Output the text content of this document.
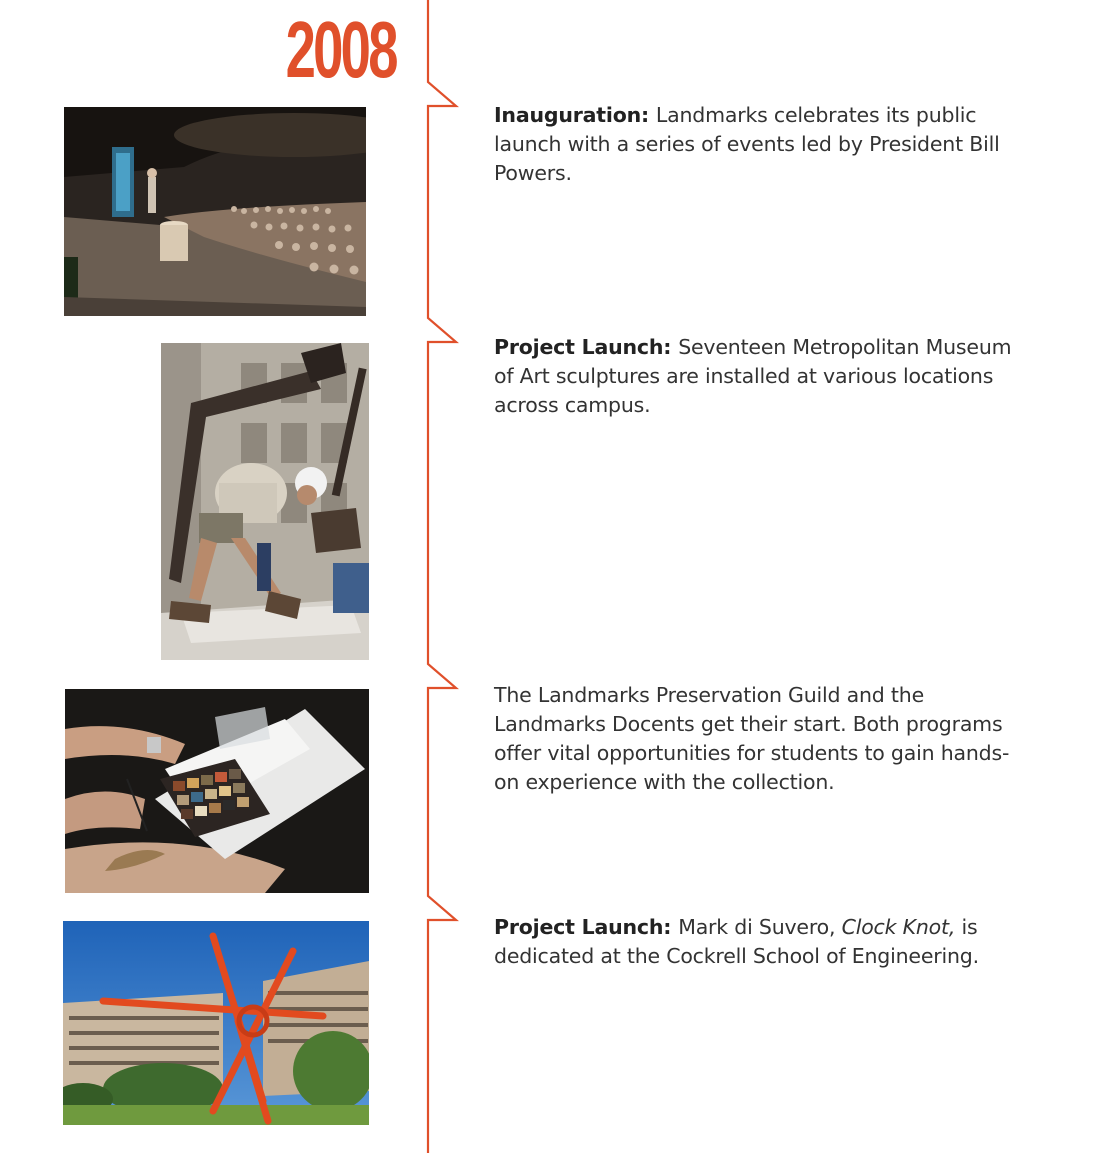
2008
Inauguration: Landmarks celebrates its public launch with a series of events led by President Bill Powers.
Project Launch: Seventeen Metropolitan Museum of Art sculptures are installed at various locations across campus.
The Landmarks Preservation Guild and the Landmarks Docents get their start. Both programs offer vital opportunities for students to gain hands-on experience with the collection.
Project Launch: Mark di Suvero, Clock Knot, is dedicated at the Cockrell School of Engineering.
